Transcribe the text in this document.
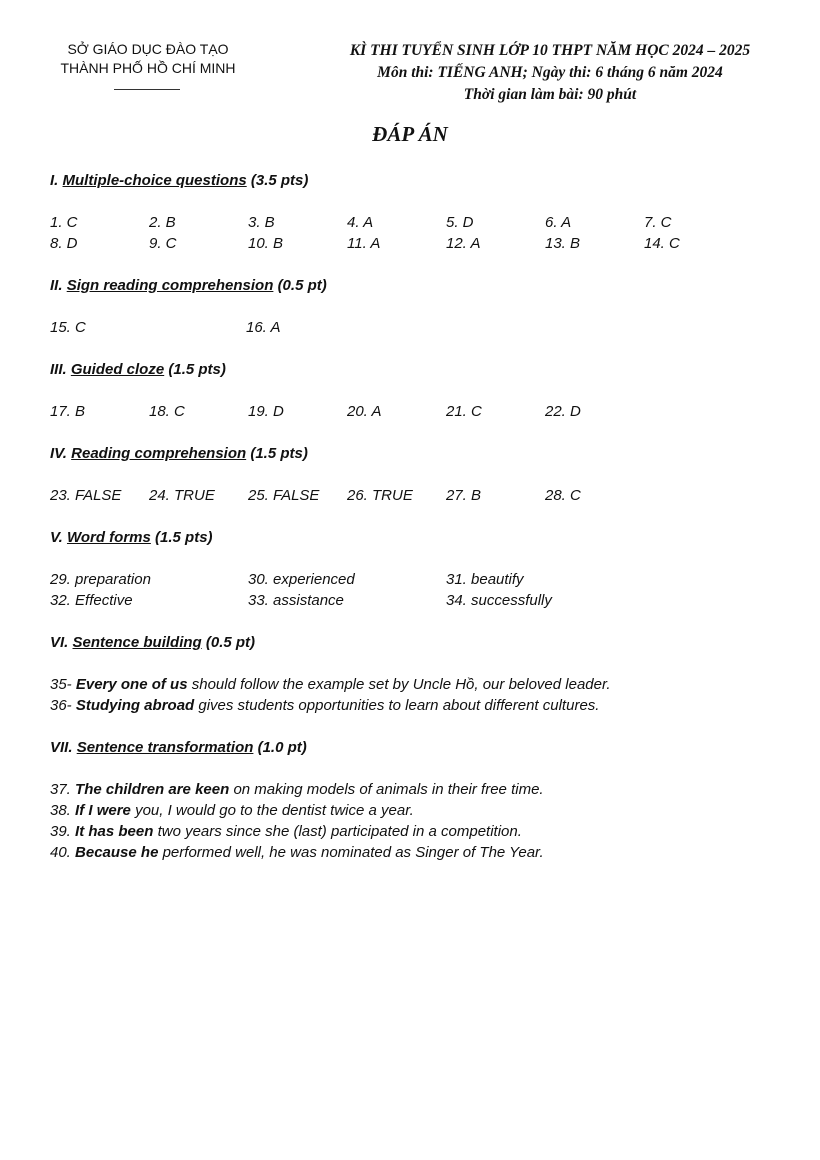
SỞ GIÁO DỤC ĐÀO TẠO
THÀNH PHỐ HỒ CHÍ MINH
KÌ THI TUYỂN SINH LỚP 10 THPT NĂM HỌC 2024 – 2025
Môn thi: TIẾNG ANH; Ngày thi: 6 tháng 6 năm 2024
Thời gian làm bài: 90 phút
ĐÁP ÁN
I. Multiple-choice questions (3.5 pts)
1. C	2. B	3. B	4. A	5. D	6. A	7. C
8. D	9. C	10. B	11. A	12. A	13. B	14. C
II. Sign reading comprehension (0.5 pt)
15. C	16. A
III. Guided cloze (1.5 pts)
17. B	18. C	19. D	20. A	21. C	22. D
IV. Reading comprehension (1.5 pts)
23. FALSE 24. TRUE 25. FALSE 26. TRUE 27. B	28. C
V. Word forms (1.5 pts)
29. preparation	30. experienced	31. beautify
32. Effective	33. assistance	34. successfully
VI. Sentence building (0.5 pt)
35- Every one of us should follow the example set by Uncle Hồ, our beloved leader.
36- Studying abroad gives students opportunities to learn about different cultures.
VII. Sentence transformation (1.0 pt)
37. The children are keen on making models of animals in their free time.
38. If I were you, I would go to the dentist twice a year.
39. It has been two years since she (last) participated in a competition.
40. Because he performed well, he was nominated as Singer of The Year.
